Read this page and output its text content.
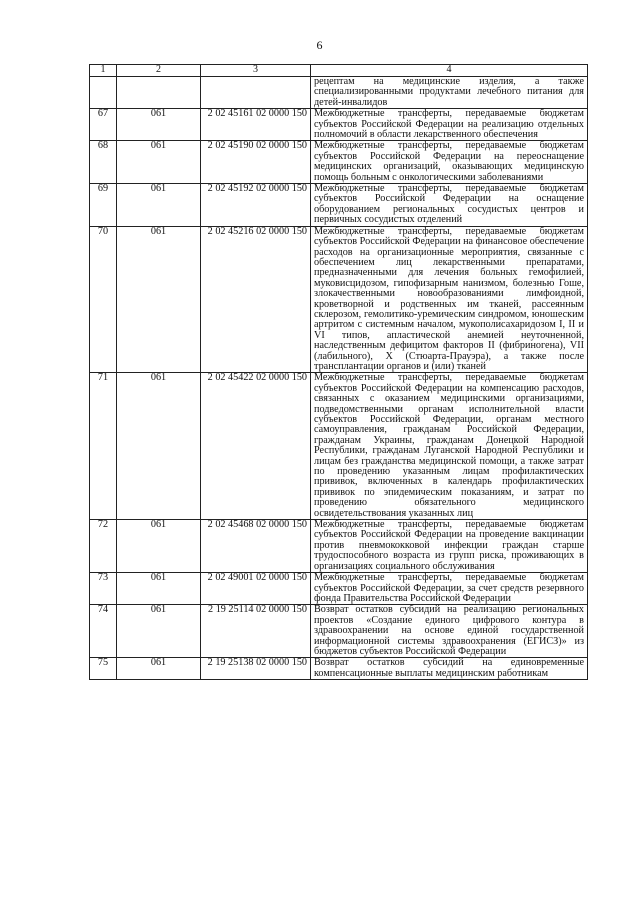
6
1	2	3	4
			рецептам на медицинские изделия, а также специализированными продуктами лечебного питания для детей-инвалидов
67	061	2 02 45161 02 0000 150	Межбюджетные трансферты, передаваемые бюджетам субъектов Российской Федерации на реализацию отдельных полномочий в области лекарственного обеспечения
68	061	2 02 45190 02 0000 150	Межбюджетные трансферты, передаваемые бюджетам субъектов Российской Федерации на переоснащение медицинских организаций, оказывающих медицинскую помощь больным с онкологическими заболеваниями
69	061	2 02 45192 02 0000 150	Межбюджетные трансферты, передаваемые бюджетам субъектов Российской Федерации на оснащение оборудованием региональных сосудистых центров и первичных сосудистых отделений
70	061	2 02 45216 02 0000 150	Межбюджетные трансферты, передаваемые бюджетам субъектов Российской Федерации на финансовое обеспечение расходов на организационные мероприятия, связанные с обеспечением лиц лекарственными препаратами, предназначенными для лечения больных гемофилией, муковисцидозом, гипофизарным нанизмом, болезнью Гоше, злокачественными новообразованиями лимфоидной, кроветворной и родственных им тканей, рассеянным склерозом, гемолитико-уремическим синдромом, юношеским артритом с системным началом, мукополисахаридозом I, II и VI типов, апластической анемией неуточненной, наследственным дефицитом факторов II (фибриногена), VII (лабильного), X (Стюарта-Прауэра), а также после трансплантации органов и (или) тканей
71	061	2 02 45422 02 0000 150	Межбюджетные трансферты, передаваемые бюджетам субъектов Российской Федерации на компенсацию расходов, связанных с оказанием медицинскими организациями, подведомственными органам исполнительной власти субъектов Российской Федерации, органам местного самоуправления, гражданам Российской Федерации, гражданам Украины, гражданам Донецкой Народной Республики, гражданам Луганской Народной Республики и лицам без гражданства медицинской помощи, а также затрат по проведению указанным лицам профилактических прививок, включенных в календарь профилактических прививок по эпидемическим показаниям, и затрат по проведению обязательного медицинского освидетельствования указанных лиц
72	061	2 02 45468 02 0000 150	Межбюджетные трансферты, передаваемые бюджетам субъектов Российской Федерации на проведение вакцинации против пневмококковой инфекции граждан старше трудоспособного возраста из групп риска, проживающих в организациях социального обслуживания
73	061	2 02 49001 02 0000 150	Межбюджетные трансферты, передаваемые бюджетам субъектов Российской Федерации, за счет средств резервного фонда Правительства Российской Федерации
74	061	2 19 25114 02 0000 150	Возврат остатков субсидий на реализацию региональных проектов «Создание единого цифрового контура в здравоохранении на основе единой государственной информационной системы здравоохранения (ЕГИСЗ)» из бюджетов субъектов Российской Федерации
75	061	2 19 25138 02 0000 150	Возврат остатков субсидий на единовременные компенсационные выплаты медицинским работникам
